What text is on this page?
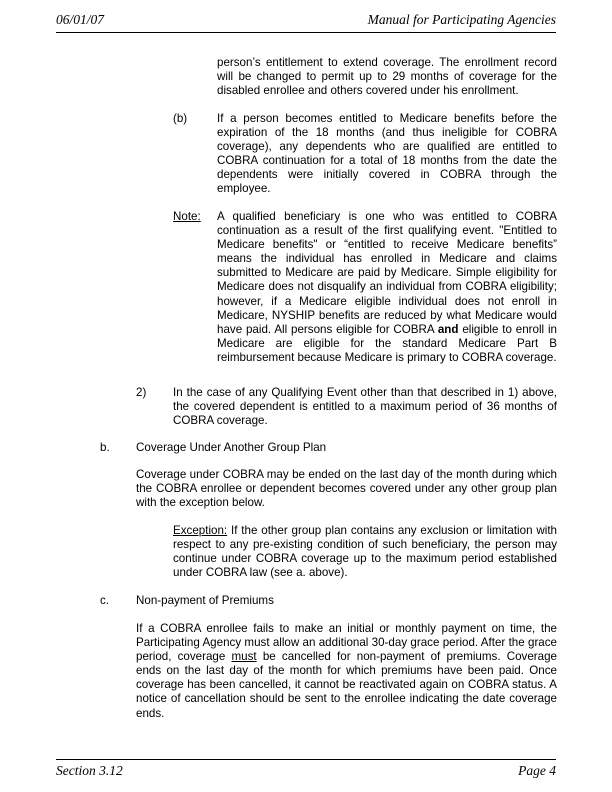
06/01/07	Manual for Participating Agencies

person’s entitlement to extend coverage. The enrollment record will be changed to permit up to 29 months of coverage for the disabled enrollee and others covered under his enrollment.

(b)	If a person becomes entitled to Medicare benefits before the expiration of the 18 months (and thus ineligible for COBRA coverage), any dependents who are qualified are entitled to COBRA continuation for a total of 18 months from the date the dependents were initially covered in COBRA through the employee.

Note: A qualified beneficiary is one who was entitled to COBRA continuation as a result of the first qualifying event. "Entitled to Medicare benefits" or “entitled to receive Medicare benefits” means the individual has enrolled in Medicare and claims submitted to Medicare are paid by Medicare. Simple eligibility for Medicare does not disqualify an individual from COBRA eligibility; however, if a Medicare eligible individual does not enroll in Medicare, NYSHIP benefits are reduced by what Medicare would have paid. All persons eligible for COBRA and eligible to enroll in Medicare are eligible for the standard Medicare Part B reimbursement because Medicare is primary to COBRA coverage.

2) In the case of any Qualifying Event other than that described in 1) above, the covered dependent is entitled to a maximum period of 36 months of COBRA coverage.

b. Coverage Under Another Group Plan

Coverage under COBRA may be ended on the last day of the month during which the COBRA enrollee or dependent becomes covered under any other group plan with the exception below.

Exception: If the other group plan contains any exclusion or limitation with respect to any pre-existing condition of such beneficiary, the person may continue under COBRA coverage up to the maximum period established under COBRA law (see a. above).

c. Non-payment of Premiums

If a COBRA enrollee fails to make an initial or monthly payment on time, the Participating Agency must allow an additional 30-day grace period. After the grace period, coverage must be cancelled for non-payment of premiums. Coverage ends on the last day of the month for which premiums have been paid. Once coverage has been cancelled, it cannot be reactivated again on COBRA status. A notice of cancellation should be sent to the enrollee indicating the date coverage ends.

Section 3.12	Page 4
